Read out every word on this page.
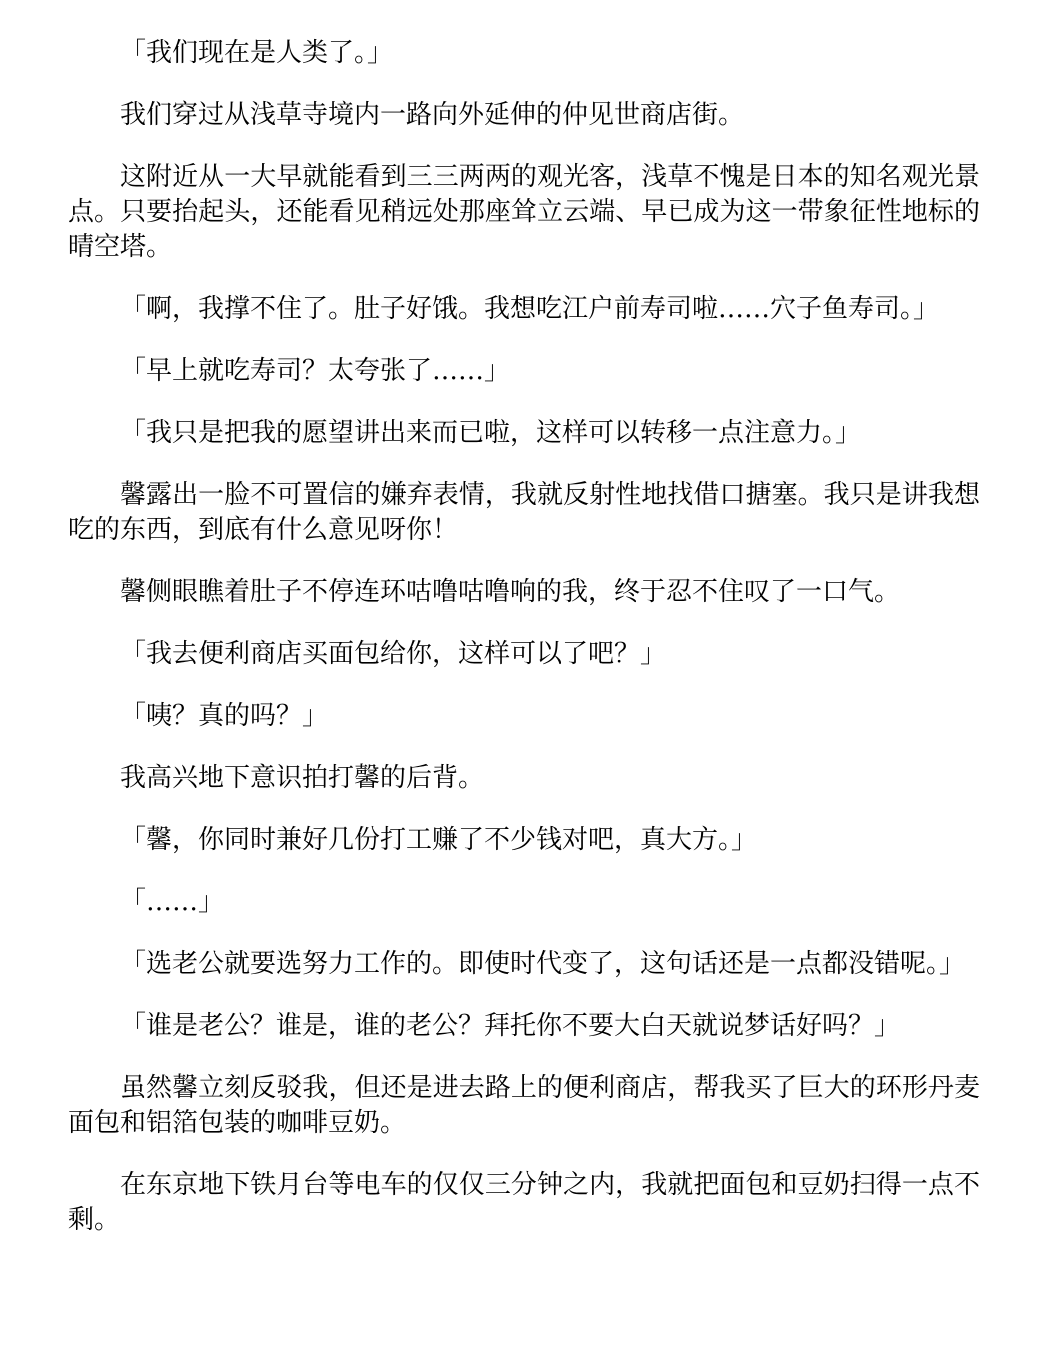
「我们现在是人类了。」

我们穿过从浅草寺境内一路向外延伸的仲见世商店街。

这附近从一大早就能看到三三两两的观光客，浅草不愧是日本的知名观光景点。只要抬起头，还能看见稍远处那座耸立云端、早已成为这一带象征性地标的晴空塔。

「啊，我撑不住了。肚子好饿。我想吃江户前寿司啦……穴子鱼寿司。」

「早上就吃寿司？太夸张了……」

「我只是把我的愿望讲出来而已啦，这样可以转移一点注意力。」

馨露出一脸不可置信的嫌弃表情，我就反射性地找借口搪塞。我只是讲我想吃的东西，到底有什么意见呀你！

馨侧眼瞧着肚子不停连环咕噜咕噜响的我，终于忍不住叹了一口气。

「我去便利商店买面包给你，这样可以了吧？」

「咦？真的吗？」

我高兴地下意识拍打馨的后背。

「馨，你同时兼好几份打工赚了不少钱对吧，真大方。」

「……」

「选老公就要选努力工作的。即使时代变了，这句话还是一点都没错呢。」

「谁是老公？谁是，谁的老公？拜托你不要大白天就说梦话好吗？」

虽然馨立刻反驳我，但还是进去路上的便利商店，帮我买了巨大的环形丹麦面包和铝箔包装的咖啡豆奶。

在东京地下铁月台等电车的仅仅三分钟之内，我就把面包和豆奶扫得一点不剩。
